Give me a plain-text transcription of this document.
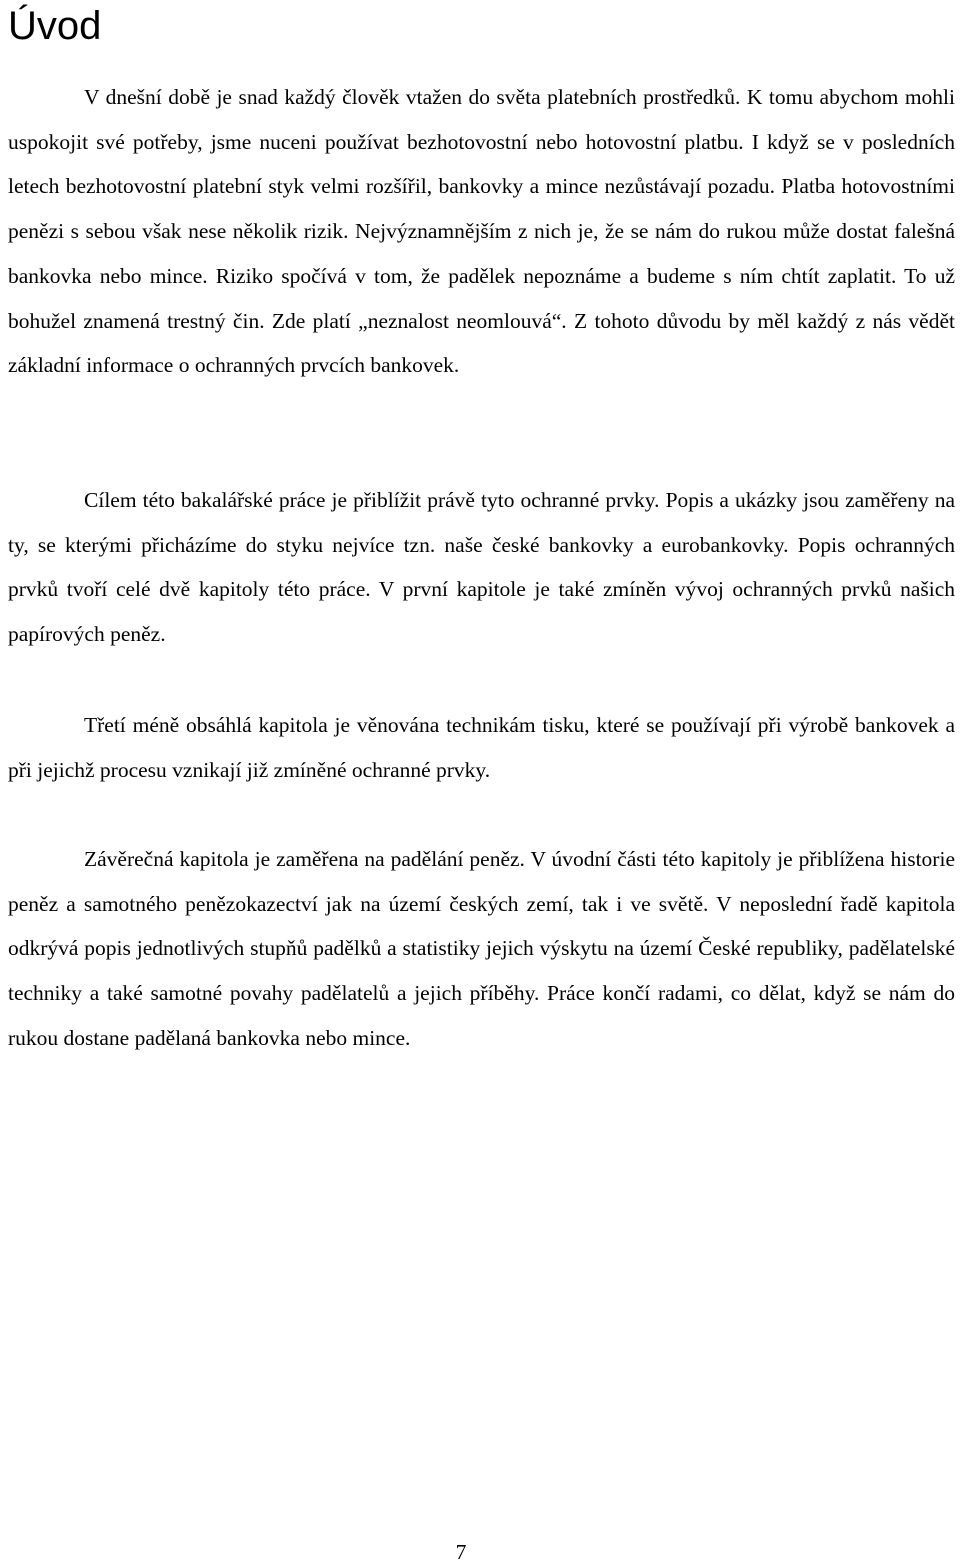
Úvod

V dnešní době je snad každý člověk vtažen do světa platebních prostředků. K tomu abychom mohli uspokojit své potřeby, jsme nuceni používat bezhotovostní nebo hotovostní platbu. I když se v posledních letech bezhotovostní platební styk velmi rozšířil, bankovky a mince nezůstávají pozadu. Platba hotovostními penězi s sebou však nese několik rizik. Nejvýznamnějším z nich je, že se nám do rukou může dostat falešná bankovka nebo mince. Riziko spočívá v tom, že padělek nepoznáme a budeme s ním chtít zaplatit. To už bohužel znamená trestný čin. Zde platí „neznalost neomlouvá“. Z tohoto důvodu by měl každý z nás vědět základní informace o ochranných prvcích bankovek.

Cílem této bakalářské práce je přiblížit právě tyto ochranné prvky. Popis a ukázky jsou zaměřeny na ty, se kterými přicházíme do styku nejvíce tzn. naše české bankovky a eurobankovky. Popis ochranných prvků tvoří celé dvě kapitoly této práce. V první kapitole je také zmíněn vývoj ochranných prvků našich papírových peněz.

Třetí méně obsáhlá kapitola je věnována technikám tisku, které se používají při výrobě bankovek a při jejichž procesu vznikají již zmíněné ochranné prvky.

Závěrečná kapitola je zaměřena na padělání peněz. V úvodní části této kapitoly je přiblížena historie peněz a samotného penězokazectví jak na území českých zemí, tak i ve světě. V neposlední řadě kapitola odkrývá popis jednotlivých stupňů padělků a statistiky jejich výskytu na území České republiky, padělatelské techniky a také samotné povahy padělatelů a jejich příběhy. Práce končí radami, co dělat, když se nám do rukou dostane padělaná bankovka nebo mince.

7
